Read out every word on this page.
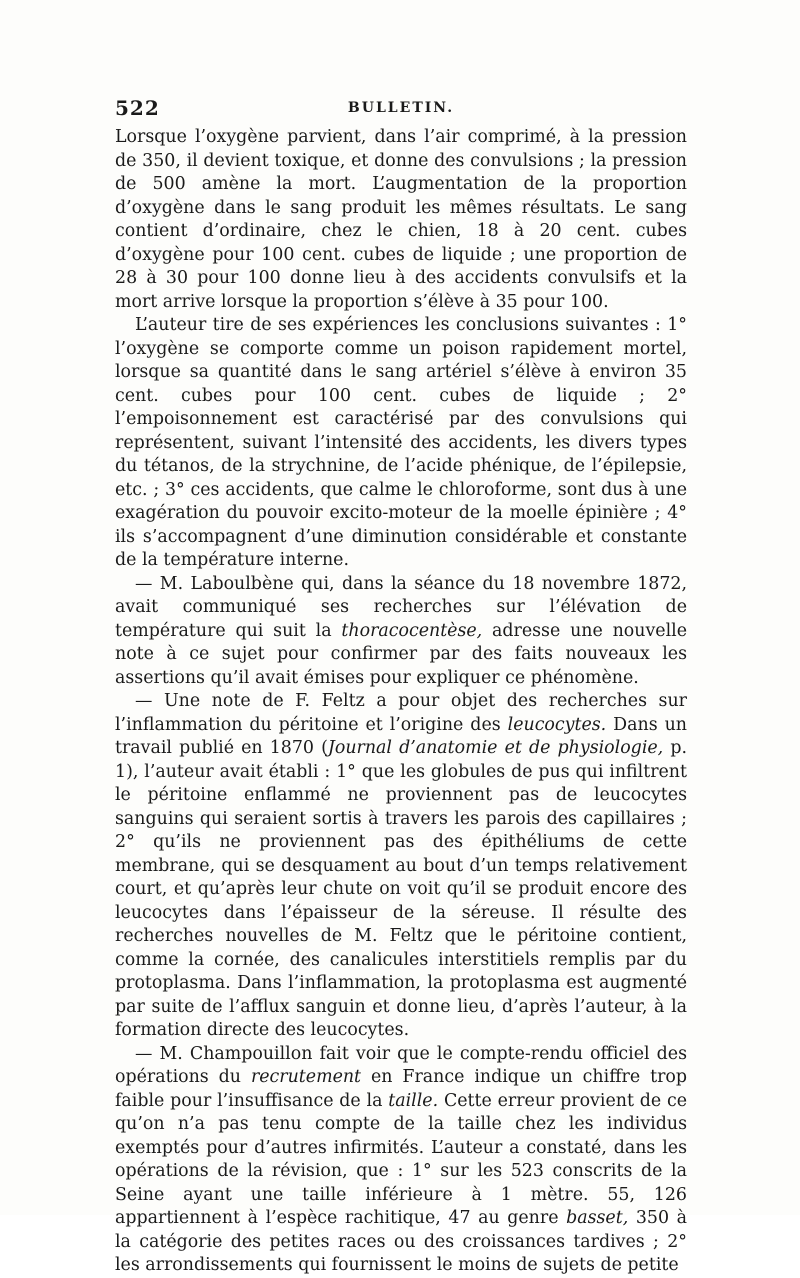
522	BULLETIN.

Lorsque l’oxygène parvient, dans l’air comprimé, à la pression de 350, il devient toxique, et donne des convulsions ; la pression de 500 amène la mort. L’augmentation de la proportion d’oxygène dans le sang produit les mêmes résultats. Le sang contient d’ordinaire, chez le chien, 18 à 20 cent. cubes d’oxygène pour 100 cent. cubes de liquide ; une proportion de 28 à 30 pour 100 donne lieu à des accidents convulsifs et la mort arrive lorsque la proportion s’élève à 35 pour 100.

L’auteur tire de ses expériences les conclusions suivantes : 1° l’oxygène se comporte comme un poison rapidement mortel, lorsque sa quantité dans le sang artériel s’élève à environ 35 cent. cubes pour 100 cent. cubes de liquide ; 2° l’empoisonnement est caractérisé par des convulsions qui représentent, suivant l’intensité des accidents, les divers types du tétanos, de la strychnine, de l’acide phénique, de l’épilepsie, etc. ; 3° ces accidents, que calme le chloroforme, sont dus à une exagération du pouvoir excito-moteur de la moelle épinière ; 4° ils s’accompagnent d’une diminution considérable et constante de la température interne.

— M. Laboulbène qui, dans la séance du 18 novembre 1872, avait communiqué ses recherches sur l’élévation de température qui suit la thoracocentèse, adresse une nouvelle note à ce sujet pour confirmer par des faits nouveaux les assertions qu’il avait émises pour expliquer ce phénomène.

— Une note de F. Feltz a pour objet des recherches sur l’inflammation du péritoine et l’origine des leucocytes. Dans un travail publié en 1870 (Journal d’anatomie et de physiologie, p. 1), l’auteur avait établi : 1° que les globules de pus qui infiltrent le péritoine enflammé ne proviennent pas de leucocytes sanguins qui seraient sortis à travers les parois des capillaires ; 2° qu’ils ne proviennent pas des épithéliums de cette membrane, qui se desquament au bout d’un temps relativement court, et qu’après leur chute on voit qu’il se produit encore des leucocytes dans l’épaisseur de la séreuse. Il résulte des recherches nouvelles de M. Feltz que le péritoine contient, comme la cornée, des canalicules interstitiels remplis par du protoplasma. Dans l’inflammation, la protoplasma est augmenté par suite de l’afflux sanguin et donne lieu, d’après l’auteur, à la formation directe des leucocytes.

— M. Champouillon fait voir que le compte-rendu officiel des opérations du recrutement en France indique un chiffre trop faible pour l’insuffisance de la taille. Cette erreur provient de ce qu’on n’a pas tenu compte de la taille chez les individus exemptés pour d’autres infirmités. L’auteur a constaté, dans les opérations de la révision, que : 1° sur les 523 conscrits de la Seine ayant une taille inférieure à 1 mètre. 55, 126 appartiennent à l’espèce rachitique, 47 au genre basset, 350 à la catégorie des petites races ou des croissances tardives ; 2° les arrondissements qui fournissent le moins de sujets de petite
